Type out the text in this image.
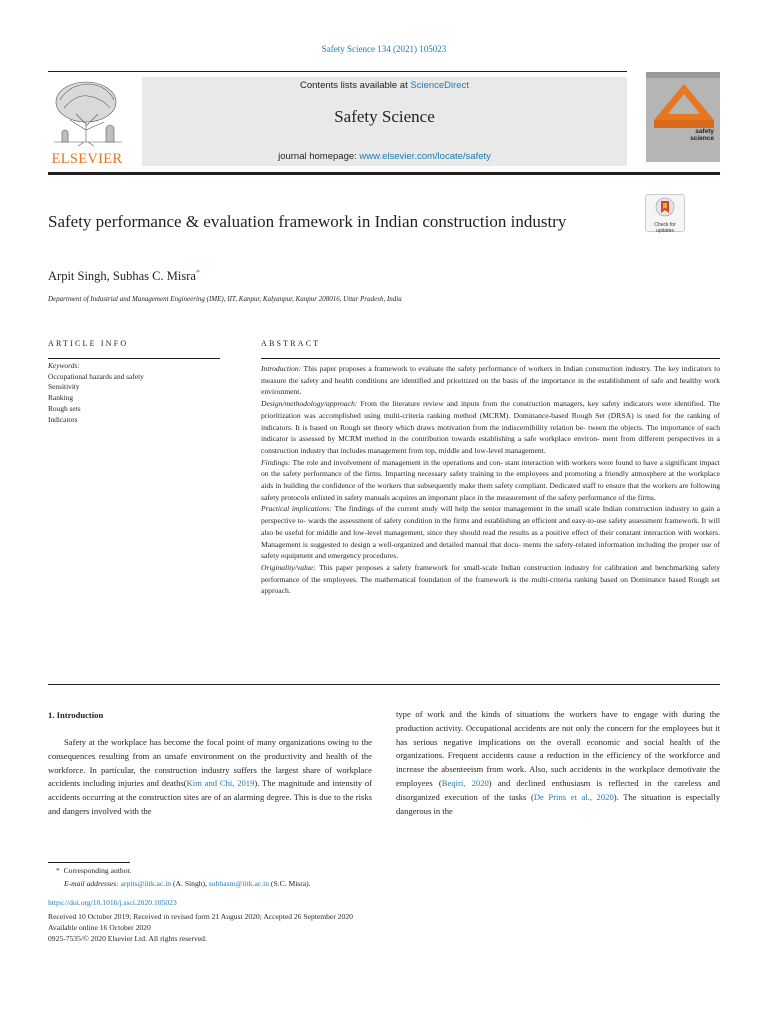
Safety Science 134 (2021) 105023
ELSEVIER
Contents lists available at ScienceDirect
Safety Science
journal homepage: www.elsevier.com/locate/safety
safety
science
Check for
updates
Safety performance & evaluation framework in Indian construction industry
Arpit Singh, Subhas C. Misra*
Department of Industrial and Management Engineering (IME), IIT, Kanpur, Kalyanpur, Kanpur 208016, Uttar Pradesh, India
ARTICLE INFO	ABSTRACT
Keywords:
Occupational hazards and safety
Sensitivity
Ranking
Rough sets
Indicators

Introduction: This paper proposes a framework to evaluate the safety performance of workers in Indian construction industry. The key indicators to measure the safety and health conditions are identified and prioritized on the basis of the importance in the establishment of safe and healthy work environment.

Design/methodology/approach: From the literature review and inputs from the construction managers, key safety indicators were identified. The prioritization was accomplished using multi-criteria ranking method (MCRM). Dominance-based Rough Set (DRSA) is used for the ranking of indicators. It is based on Rough set theory which draws motivation from the indiscernibility relation be- tween the objects. The importance of each indicator is assessed by MCRM method in the contribution towards establishing a safe workplace environ- ment from different perspectives in a construction industry that includes management from top, middle and low-level management.

Findings: The role and involvement of management in the operations and con- stant interaction with workers were found to have a significant impact on the safety performance of the firms. Imparting necessary safety training to the employees and promoting a friendly atmosphere at the workplace aids in building the confidence of the workers that subsequently make them safety compliant. Dedicated staff to ensure that the workers are following safety protocols enlisted in safety manuals acquires an important place in the measurement of the safety performance of the firms.

Practical implications: The findings of the current study will help the senior management in the small scale Indian construction industry to gain a perspective to- wards the assessment of safety condition in the firms and establishing an efficient and easy-to-use safety assessment framework. It will also be useful for middle and low-level management, since they should read the results as a positive effect of their constant interaction with workers. Management is suggested to design a well-organized and detailed manual that docu- ments the safety-related information including the proper use of safety equipment and emergency procedures.

Originality/value: This paper proposes a safety framework for small-scale Indian construction industry for calibration and benchmarking safety performance of the employees. The mathematical foundation of the framework is the multi-criteria ranking based on Dominance based Rough set approach.

1. Introduction

Safety at the workplace has become the focal point of many organizations owing to the consequences resulting from an unsafe environment on the productivity and health of the workforce. In particular, the construction industry suffers the largest share of workplace accidents including injuries and deaths(Kim and Chi, 2019). The magnitude and intensity of accidents occurring at the construction sites are of an alarming degree. This is due to the risks and dangers involved with the

type of work and the kinds of situations the workers have to engage with during the production activity. Occupational accidents are not only the concern for the employees but it has serious negative implications on the overall economic and social health of the organizations. Frequent accidents cause a reduction in the efficiency of the workforce and increase the absenteeism from work. Also, such accidents in the workplace demotivate the employees (Beqiri, 2020) and declined enthusiasm is reflected in the careless and disorganized execution of the tasks (De Prins et al., 2020). The situation is especially dangerous in the

* Corresponding author.
E-mail addresses: arpits@iitk.ac.in (A. Singh), subhasm@iitk.ac.in (S.C. Misra).
https://doi.org/10.1016/j.ssci.2020.105023
Received 10 October 2019; Received in revised form 21 August 2020; Accepted 26 September 2020
Available online 16 October 2020
0925-7535/© 2020 Elsevier Ltd. All rights reserved.
